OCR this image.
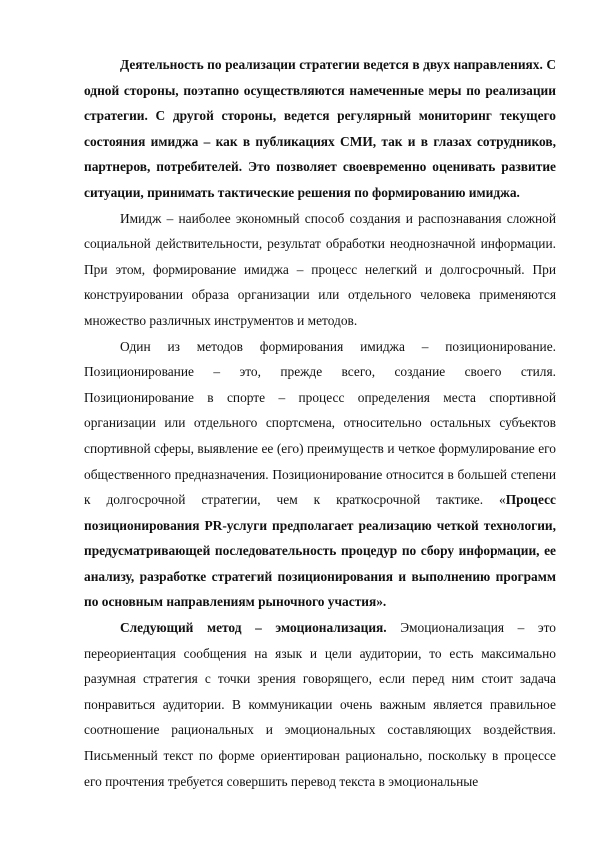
Деятельность по реализации стратегии ведется в двух направлениях. С одной стороны, поэтапно осуществляются намеченные меры по реализации стратегии. С другой стороны, ведется регулярный мониторинг текущего состояния имиджа – как в публикациях СМИ, так и в глазах сотрудников, партнеров, потребителей. Это позволяет своевременно оценивать развитие ситуации, принимать тактические решения по формированию имиджа.

Имидж – наиболее экономный способ создания и распознавания сложной социальной действительности, результат обработки неоднозначной информации. При этом, формирование имиджа – процесс нелегкий и долгосрочный. При конструировании образа организации или отдельного человека применяются множество различных инструментов и методов.

Один из методов формирования имиджа – позиционирование. Позиционирование – это, прежде всего, создание своего стиля. Позиционирование в спорте – процесс определения места спортивной организации или отдельного спортсмена, относительно остальных субъектов спортивной сферы, выявление ее (его) преимуществ и четкое формулирование его общественного предназначения. Позиционирование относится в большей степени к долгосрочной стратегии, чем к краткосрочной тактике. «Процесс позиционирования PR-услуги предполагает реализацию четкой технологии, предусматривающей последовательность процедур по сбору информации, ее анализу, разработке стратегий позиционирования и выполнению программ по основным направлениям рыночного участия».

Следующий метод – эмоционализация. Эмоционализация – это переориентация сообщения на язык и цели аудитории, то есть максимально разумная стратегия с точки зрения говорящего, если перед ним стоит задача понравиться аудитории. В коммуникации очень важным является правильное соотношение рациональных и эмоциональных составляющих воздействия. Письменный текст по форме ориентирован рационально, поскольку в процессе его прочтения требуется совершить перевод текста в эмоциональные
